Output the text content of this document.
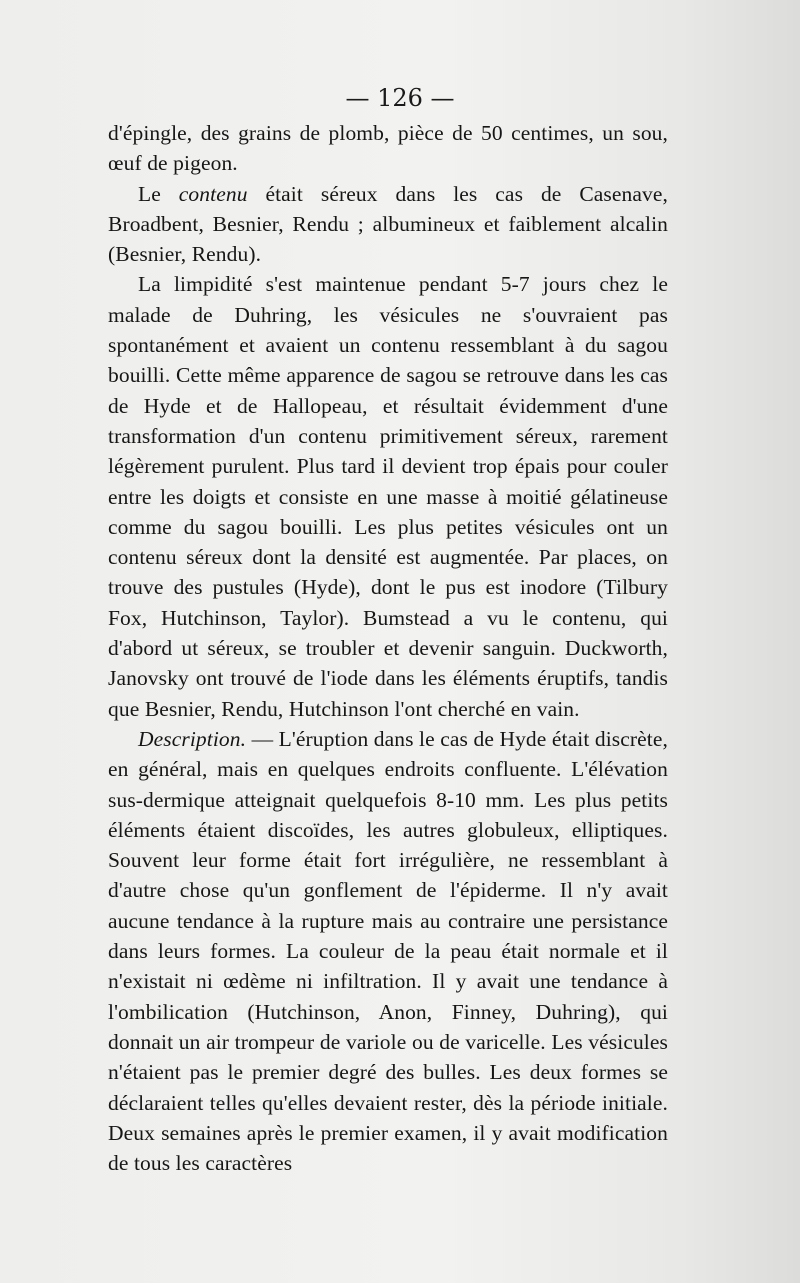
— 126 —

d'épingle, des grains de plomb, pièce de 50 centimes, un sou, œuf de pigeon.

Le contenu était séreux dans les cas de Casenave, Broadbent, Besnier, Rendu ; albumineux et faiblement alcalin (Besnier, Rendu).

La limpidité s'est maintenue pendant 5-7 jours chez le malade de Duhring, les vésicules ne s'ouvraient pas spontanément et avaient un contenu ressemblant à du sagou bouilli. Cette même apparence de sagou se retrouve dans les cas de Hyde et de Hallopeau, et résultait évidemment d'une transformation d'un contenu primitivement séreux, rarement légèrement purulent. Plus tard il devient trop épais pour couler entre les doigts et consiste en une masse à moitié gélatineuse comme du sagou bouilli. Les plus petites vésicules ont un contenu séreux dont la densité est augmentée. Par places, on trouve des pustules (Hyde), dont le pus est inodore (Tilbury Fox, Hutchinson, Taylor). Bumstead a vu le contenu, qui d'abord ut séreux, se troubler et devenir sanguin. Duckworth, Janovsky ont trouvé de l'iode dans les éléments éruptifs, tandis que Besnier, Rendu, Hutchinson l'ont cherché en vain.

Description. — L'éruption dans le cas de Hyde était discrète, en général, mais en quelques endroits confluente. L'élévation sus-dermique atteignait quelquefois 8-10 mm. Les plus petits éléments étaient discoïdes, les autres globuleux, elliptiques. Souvent leur forme était fort irrégulière, ne ressemblant à d'autre chose qu'un gonflement de l'épiderme. Il n'y avait aucune tendance à la rupture mais au contraire une persistance dans leurs formes. La couleur de la peau était normale et il n'existait ni œdème ni infiltration. Il y avait une tendance à l'ombilication (Hutchinson, Anon, Finney, Duhring), qui donnait un air trompeur de variole ou de varicelle. Les vésicules n'étaient pas le premier degré des bulles. Les deux formes se déclaraient telles qu'elles devaient rester, dès la période initiale. Deux semaines après le premier examen, il y avait modification de tous les caractères
